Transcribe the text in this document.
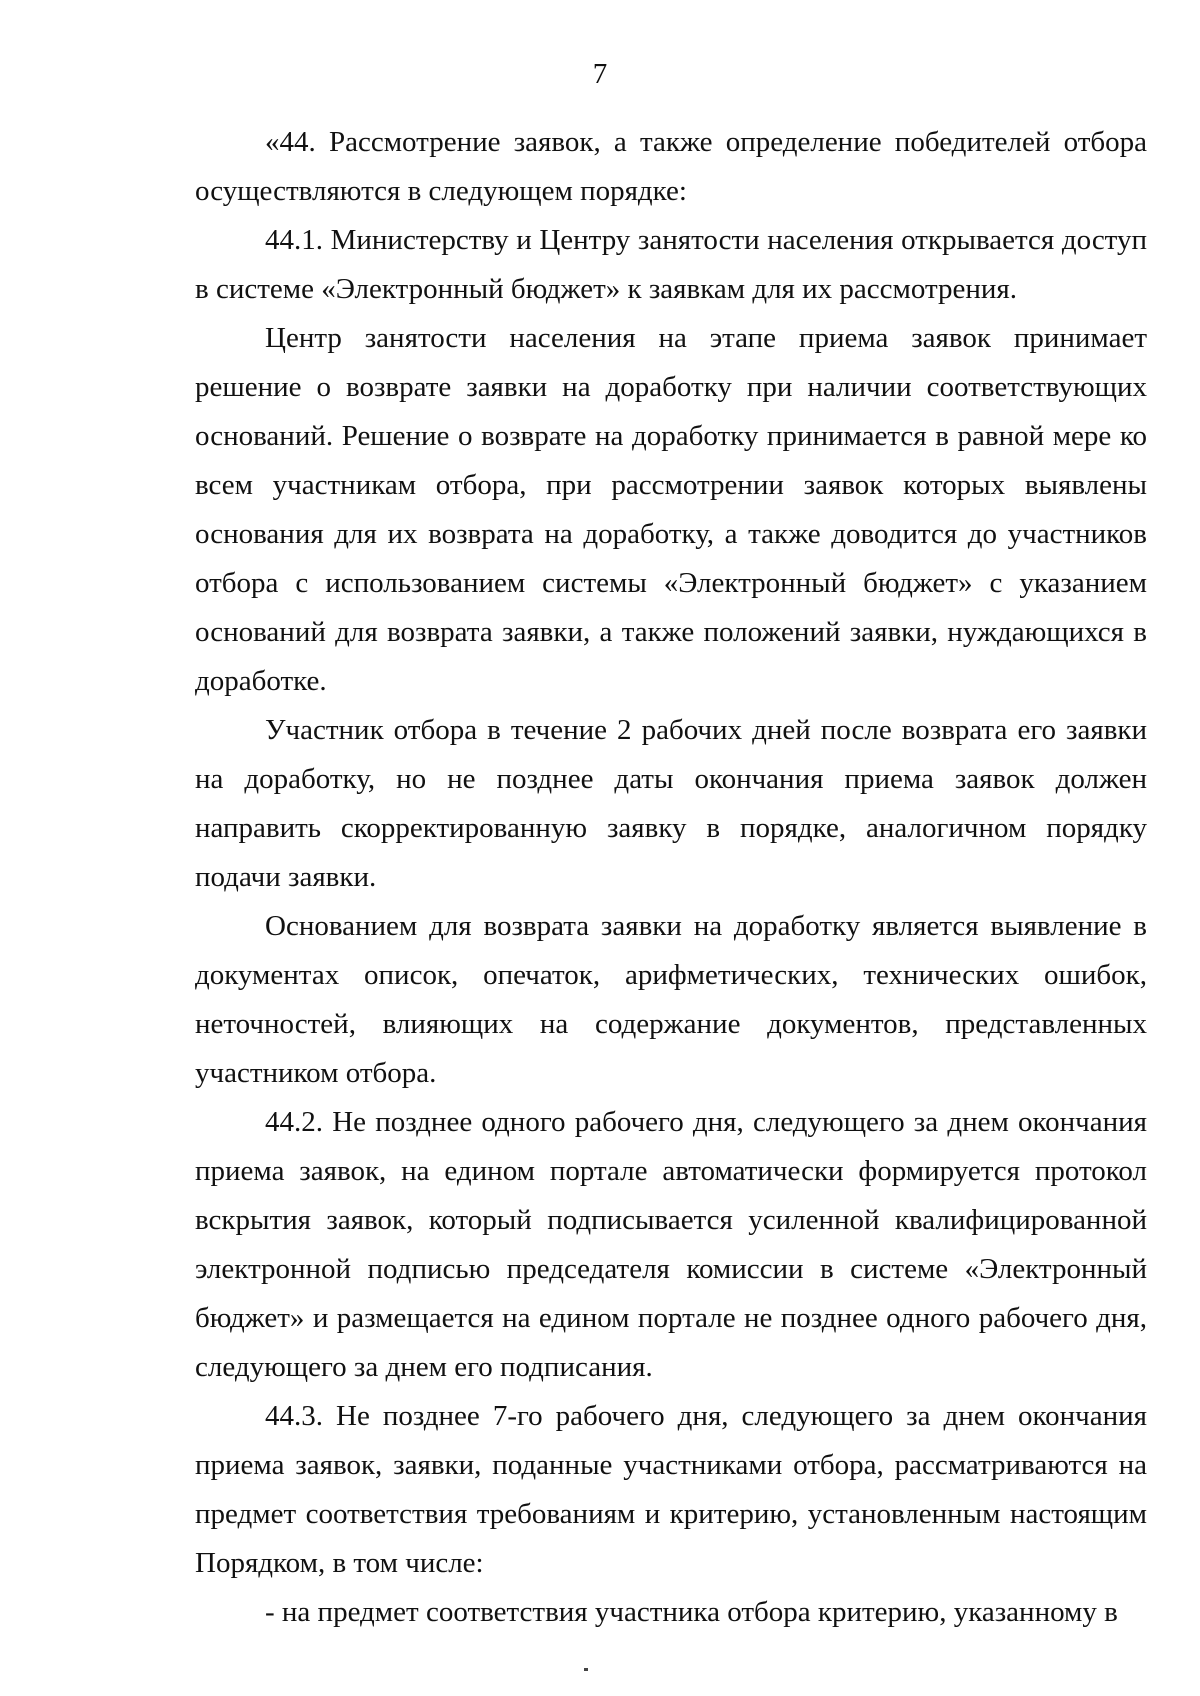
7

«44. Рассмотрение заявок, а также определение победителей отбора осуществляются в следующем порядке:

44.1. Министерству и Центру занятости населения открывается доступ в системе «Электронный бюджет» к заявкам для их рассмотрения.

Центр занятости населения на этапе приема заявок принимает решение о возврате заявки на доработку при наличии соответствующих оснований. Решение о возврате на доработку принимается в равной мере ко всем участникам отбора, при рассмотрении заявок которых выявлены основания для их возврата на доработку, а также доводится до участников отбора с использованием системы «Электронный бюджет» с указанием оснований для возврата заявки, а также положений заявки, нуждающихся в доработке.

Участник отбора в течение 2 рабочих дней после возврата его заявки на доработку, но не позднее даты окончания приема заявок должен направить скорректированную заявку в порядке, аналогичном порядку подачи заявки.

Основанием для возврата заявки на доработку является выявление в документах описок, опечаток, арифметических, технических ошибок, неточностей, влияющих на содержание документов, представленных участником отбора.

44.2. Не позднее одного рабочего дня, следующего за днем окончания приема заявок, на едином портале автоматически формируется протокол вскрытия заявок, который подписывается усиленной квалифицированной электронной подписью председателя комиссии в системе «Электронный бюджет» и размещается на едином портале не позднее одного рабочего дня, следующего за днем его подписания.

44.3. Не позднее 7-го рабочего дня, следующего за днем окончания приема заявок, заявки, поданные участниками отбора, рассматриваются на предмет соответствия требованиям и критерию, установленным настоящим Порядком, в том числе:

- на предмет соответствия участника отбора критерию, указанному в
